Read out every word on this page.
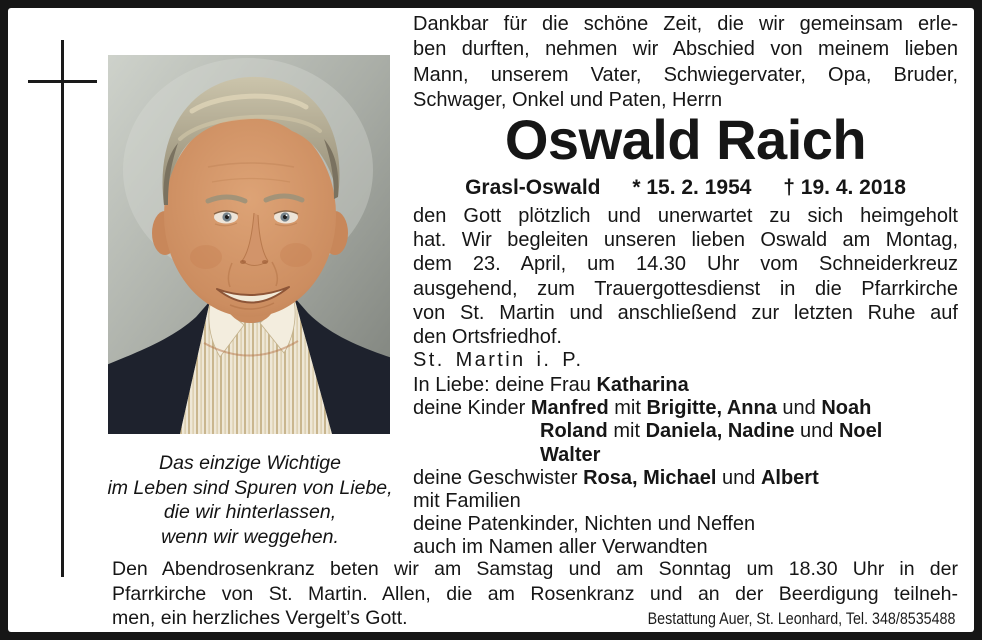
Das einzige Wichtige
im Leben sind Spuren von Liebe,
die wir hinterlassen,
wenn wir weggehen.
Dankbar für die schöne Zeit, die wir gemeinsam erle-
ben durften, nehmen wir Abschied von meinem lieben
Mann, unserem Vater, Schwiegervater, Opa, Bruder,
Schwager, Onkel und Paten, Herrn
Oswald Raich
Grasl-Oswald * 15. 2. 1954 † 19. 4. 2018
den Gott plötzlich und unerwartet zu sich heimgeholt
hat. Wir begleiten unseren lieben Oswald am Montag,
dem 23. April, um 14.30 Uhr vom Schneiderkreuz
ausgehend, zum Trauergottesdienst in die Pfarrkirche
von St. Martin und anschließend zur letzten Ruhe auf
den Ortsfriedhof.
St. Martin i. P.
In Liebe: deine Frau Katharina
deine Kinder Manfred mit Brigitte, Anna und Noah
Roland mit Daniela, Nadine und Noel
Walter
deine Geschwister Rosa, Michael und Albert
mit Familien
deine Patenkinder, Nichten und Neffen
auch im Namen aller Verwandten
Den Abendrosenkranz beten wir am Samstag und am Sonntag um 18.30 Uhr in der
Pfarrkirche von St. Martin. Allen, die am Rosenkranz und an der Beerdigung teilneh-
men, ein herzliches Vergelt’s Gott.	Bestattung Auer, St. Leonhard, Tel. 348/8535488
